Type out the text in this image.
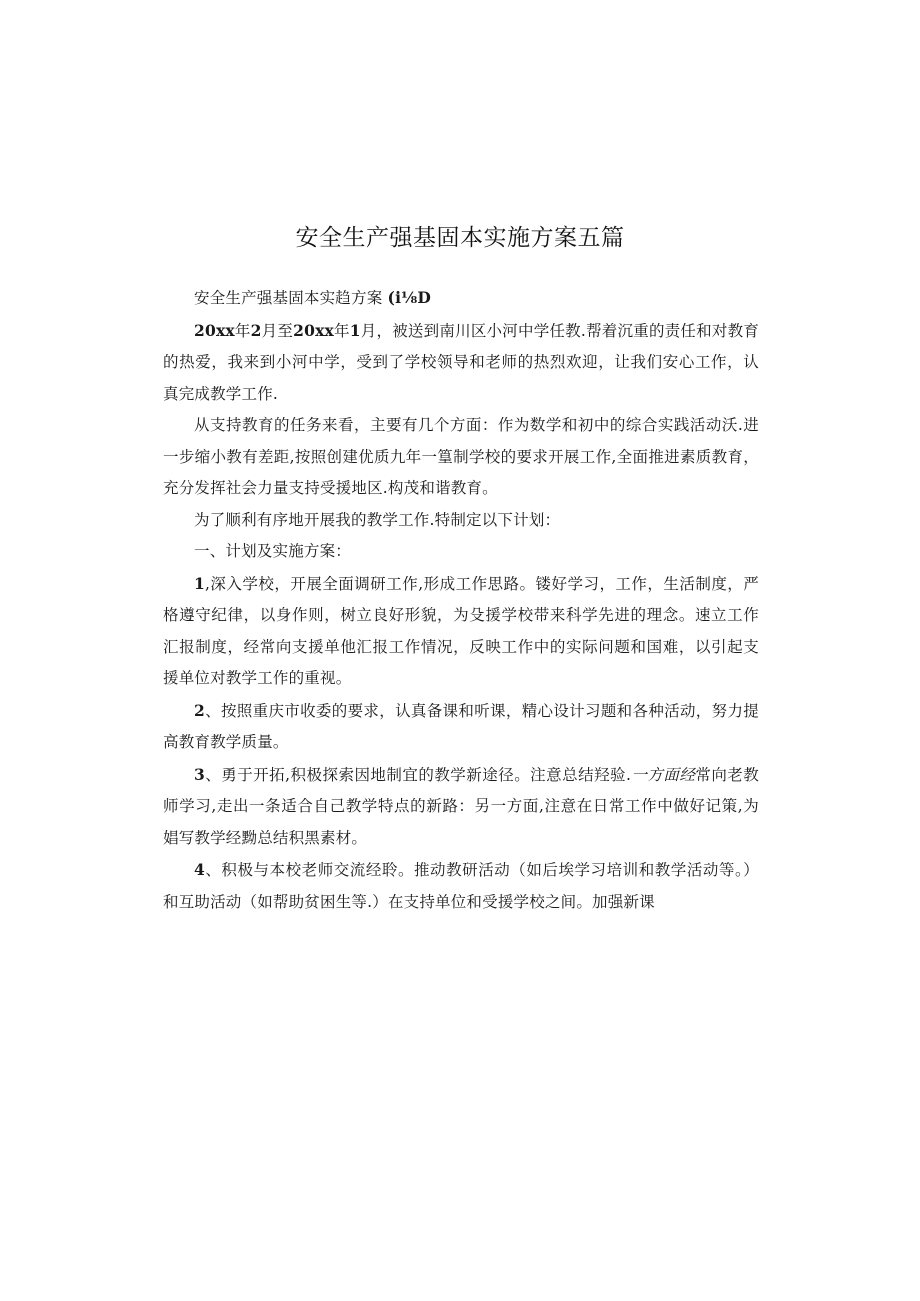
安全生产强基固本实施方案五篇

安全生产强基固本实趋方案 (i⅛D

20xx年2月至20xx年1月，被送到南川区小河中学任教.帮着沉重的责任和对教育的热爱，我来到小河中学，受到了学校领导和老师的热烈欢迎，让我们安心工作，认真完成教学工作.

从支持教育的任务来看，主要有几个方面：作为数学和初中的综合实践活动沃.进一步缩小教有差距,按照创建优质九年一篁制学校的要求开展工作,全面推进素质教育，充分发挥社会力量支持受援地区.构茂和谐教育。

为了顺利有序地开展我的教学工作.特制定以下计划：

一、计划及实施方案：

1,深入学校，开展全面调研工作,形成工作思路。镂好学习，工作，生活制度，严格遵守纪律，以身作则，树立良好形貌，为殳援学校带来科学先进的理念。速立工作汇报制度，经常向支援单他汇报工作情况，反映工作中的实际问题和国难，以引起支援单位对教学工作的重视。

2、按照重庆市收委的要求，认真备课和听课，精心设计习题和各种活动，努力提高教育教学质量。

3、勇于开拓,积极探索因地制宜的教学新途径。注意总结羟验.一方面经常向老教师学习,走出一条适合自己教学特点的新路：另一方面,注意在日常工作中做好记策,为娼写教学经黝总结积黑素材。

4、积极与本校老师交流经聆。推动教研活动（如后埃学习培训和教学活动等。）和互助活动（如帮助贫困生等.）在支持单位和受援学校之间。加强新课
